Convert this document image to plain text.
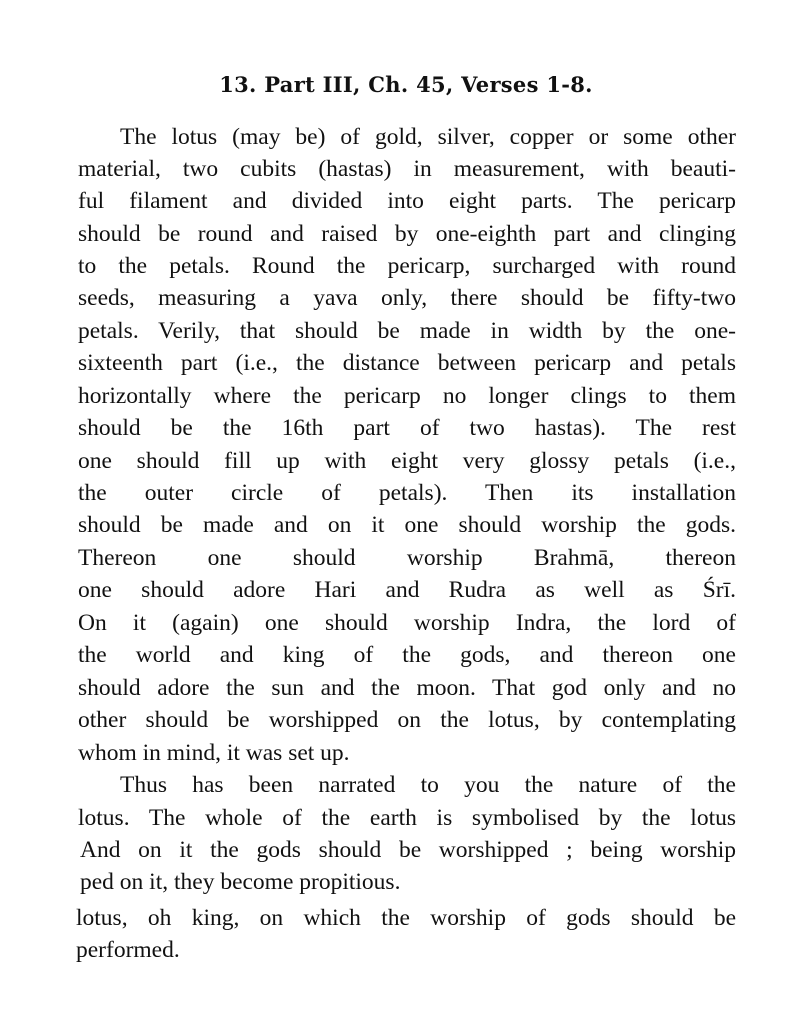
13. Part III, Ch. 45, Verses 1-8.
The lotus (may be) of gold, silver, copper or some other
material, two cubits (hastas) in measurement, with beauti-
ful filament and divided into eight parts. The pericarp
should be round and raised by one-eighth part and clinging
to the petals. Round the pericarp, surcharged with round
seeds, measuring a yava only, there should be fifty-two
petals. Verily, that should be made in width by the one-
sixteenth part (i.e., the distance between pericarp and petals
horizontally where the pericarp no longer clings to them
should be the 16th part of two hastas). The rest
one should fill up with eight very glossy petals (i.e.,
the outer circle of petals). Then its installation
should be made and on it one should worship the gods.
Thereon one should worship Brahmā, thereon
one should adore Hari and Rudra as well as Śrī.
On it (again) one should worship Indra, the lord of
the world and king of the gods, and thereon one
should adore the sun and the moon. That god only and no
other should be worshipped on the lotus, by contemplating
whom in mind, it was set up.
Thus has been narrated to you the nature of the
lotus. The whole of the earth is symbolised by the lotus
And on it the gods should be worshipped ; being worship
ped on it, they become propitious.
lotus, oh king, on which the worship of gods should be
performed.
